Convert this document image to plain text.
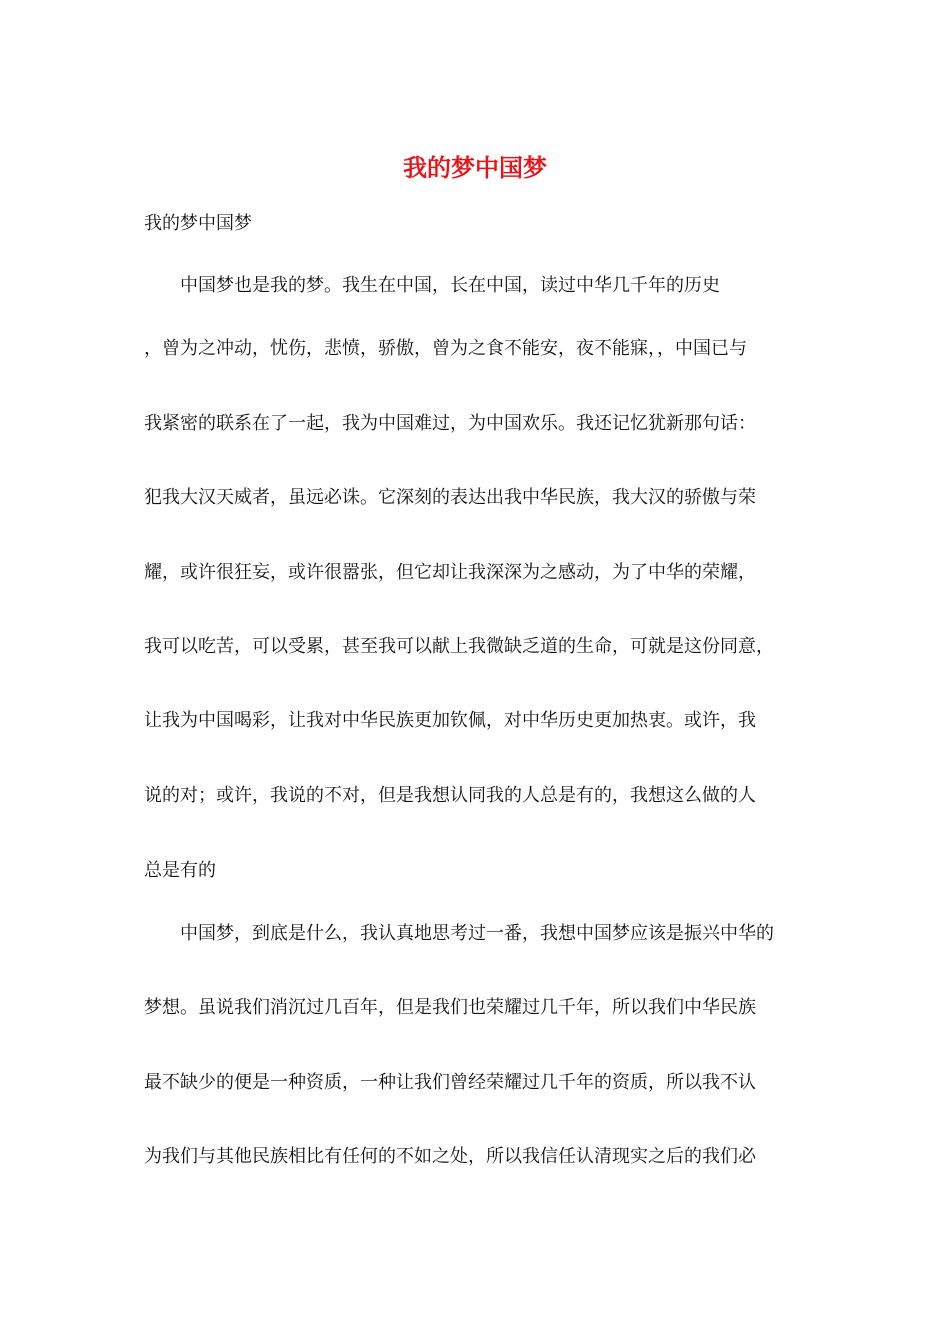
我的梦中国梦

我的梦中国梦

　　中国梦也是我的梦。我生在中国，长在中国，读过中华几千年的历史

，曾为之冲动，忧伤，悲愤，骄傲，曾为之食不能安，夜不能寐，，中国已与

我紧密的联系在了一起，我为中国难过，为中国欢乐。我还记忆犹新那句话：

犯我大汉天威者，虽远必诛。它深刻的表达出我中华民族，我大汉的骄傲与荣

耀，或许很狂妄，或许很嚣张，但它却让我深深为之感动，为了中华的荣耀，

我可以吃苦，可以受累，甚至我可以献上我微缺乏道的生命，可就是这份同意，

让我为中国喝彩，让我对中华民族更加钦佩，对中华历史更加热衷。或许，我

说的对；或许，我说的不对，但是我想认同我的人总是有的，我想这么做的人

总是有的

　　中国梦，到底是什么，我认真地思考过一番，我想中国梦应该是振兴中华的

梦想。虽说我们消沉过几百年，但是我们也荣耀过几千年，所以我们中华民族

最不缺少的便是一种资质，一种让我们曾经荣耀过几千年的资质，所以我不认

为我们与其他民族相比有任何的不如之处，所以我信任认清现实之后的我们必
